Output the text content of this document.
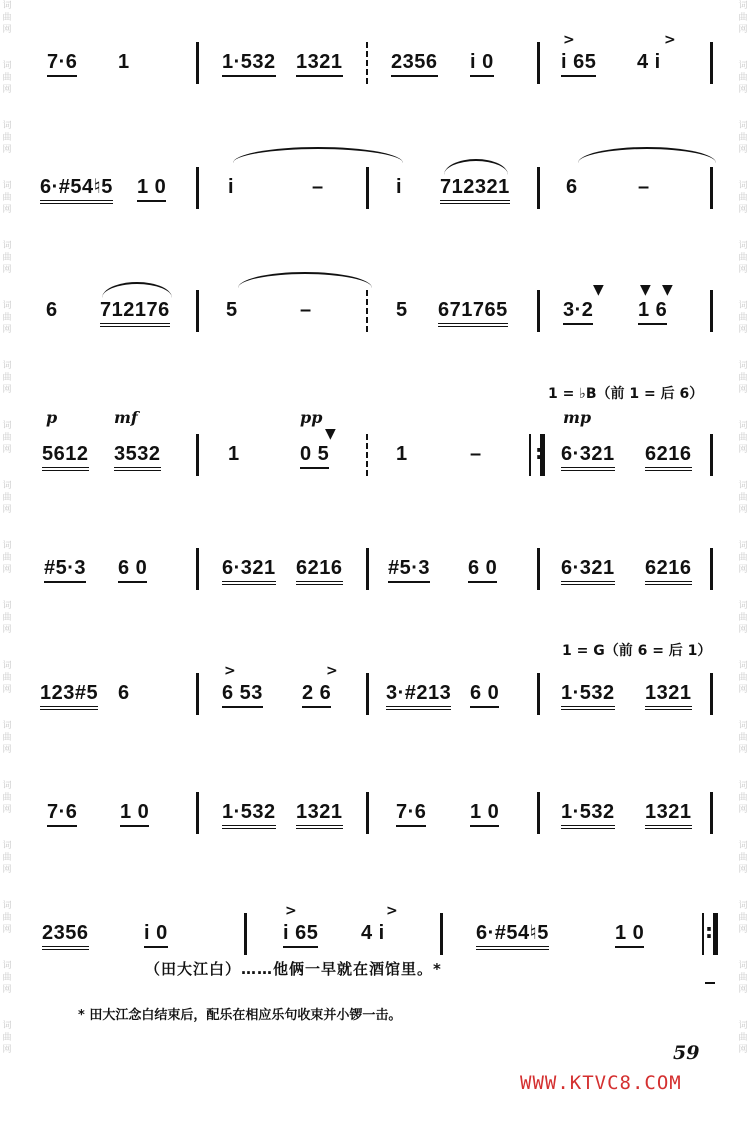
词曲网
词曲网
词曲网
词曲网
词曲网
词曲网
词曲网
词曲网
词曲网
词曲网
词曲网
词曲网
词曲网
词曲网
词曲网
词曲网
词曲网
词曲网
词曲网
词曲网
词曲网
词曲网
词曲网
词曲网
词曲网
词曲网
词曲网
词曲网
词曲网
词曲网
词曲网
词曲网
词曲网
词曲网
词曲网
词曲网
7·6 1	1·532 1321 2356 i 0
>
i 65
>
4 i
6·#54♮5 1 0	i	–	i 712321	6	–
6 712176	5	–	5 671765
▼
3·2
▼ ▼
1 6
1 = ♭B（前 1 = 后 6）
p	mf
5612 3532	1
pp
▼
0 5	1	–
:
mp
6·321 6216
#5·3 6 0	6·321 6216 #5·3 6 0	6·321 6216
1 = G（前 6 = 后 1）
123#5 6
>
6 53
>
2 6	3·#213 6 0	1·532 1321
7·6 1 0	1·532 1321	7·6 1 0	1·532 1321
2356	i 0
>
i 65
>
4 i	6·#54♮5	1 0
:
（田大江白）……他俩一早就在酒馆里。*
* 田大江念白结束后，配乐在相应乐句收束并小锣一击。
59
WWW.KTVC8.COM
